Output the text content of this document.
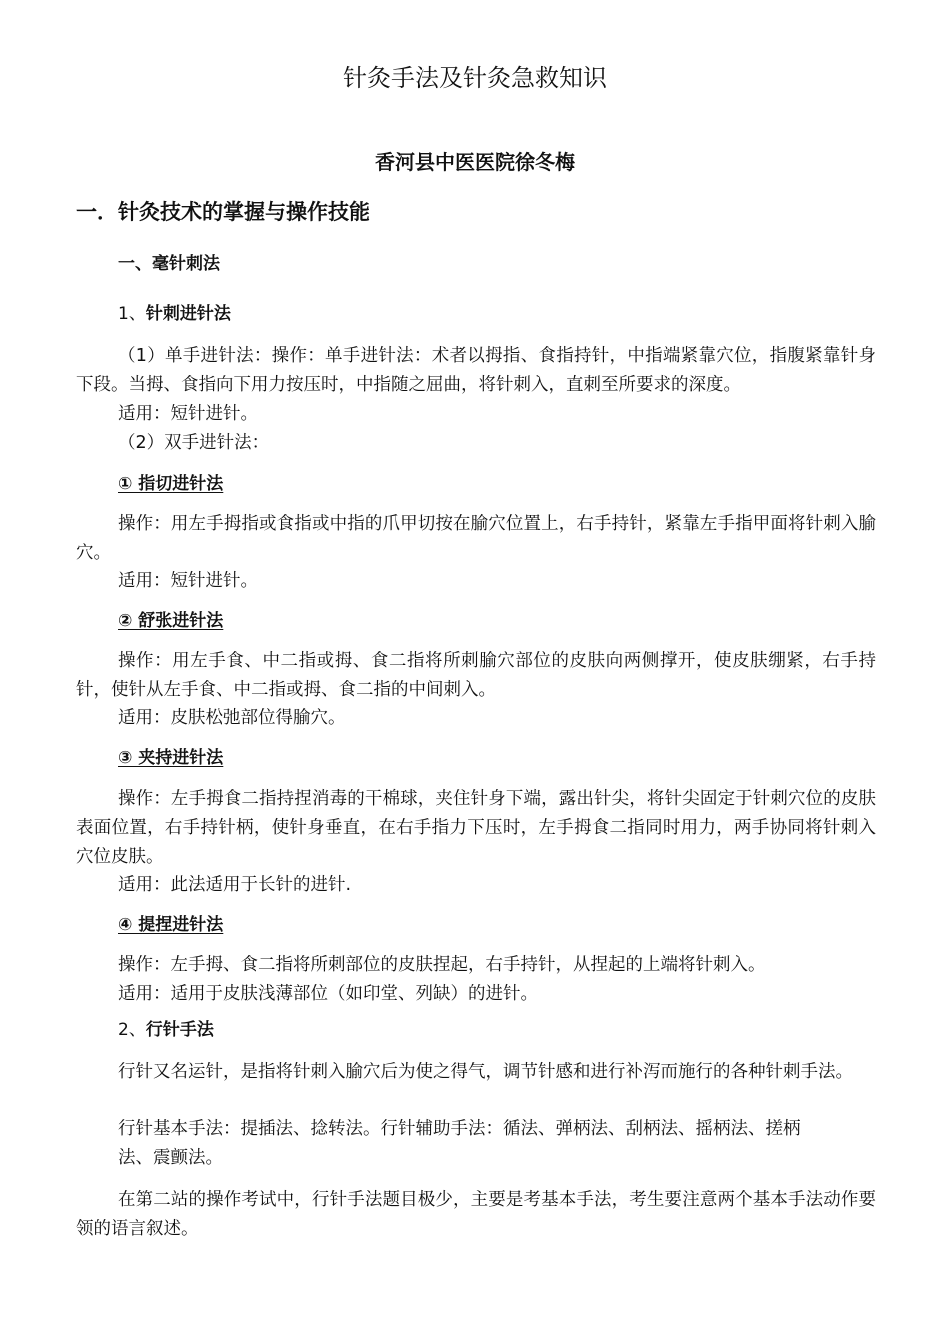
针灸手法及针灸急救知识
香河县中医医院徐冬梅
一．针灸技术的掌握与操作技能
一、毫针刺法
1、针刺进针法
（1）单手进针法：操作：单手进针法：术者以拇指、食指持针，中指端紧靠穴位，指腹紧靠针身下段。当拇、食指向下用力按压时，中指随之屈曲，将针刺入，直刺至所要求的深度。
适用：短针进针。
（2）双手进针法：
① 指切进针法
操作：用左手拇指或食指或中指的爪甲切按在腧穴位置上，右手持针，紧靠左手指甲面将针刺入腧穴。
适用：短针进针。
② 舒张进针法
操作：用左手食、中二指或拇、食二指将所刺腧穴部位的皮肤向两侧撑开，使皮肤绷紧，右手持针，使针从左手食、中二指或拇、食二指的中间刺入。
适用：皮肤松弛部位得腧穴。
③ 夹持进针法
操作：左手拇食二指持捏消毒的干棉球，夹住针身下端，露出针尖，将针尖固定于针刺穴位的皮肤表面位置，右手持针柄，使针身垂直，在右手指力下压时，左手拇食二指同时用力，两手协同将针刺入穴位皮肤。
适用：此法适用于长针的进针.
④ 提捏进针法
操作：左手拇、食二指将所刺部位的皮肤捏起，右手持针，从捏起的上端将针刺入。
适用：适用于皮肤浅薄部位（如印堂、列缺）的进针。
2、行针手法
行针又名运针，是指将针刺入腧穴后为使之得气，调节针感和进行补泻而施行的各种针刺手法。
行针基本手法：提插法、捻转法。行针辅助手法：循法、弹柄法、刮柄法、摇柄法、搓柄
法、震颤法。
在第二站的操作考试中，行针手法题目极少，主要是考基本手法，考生要注意两个基本手法动作要领的语言叙述。
